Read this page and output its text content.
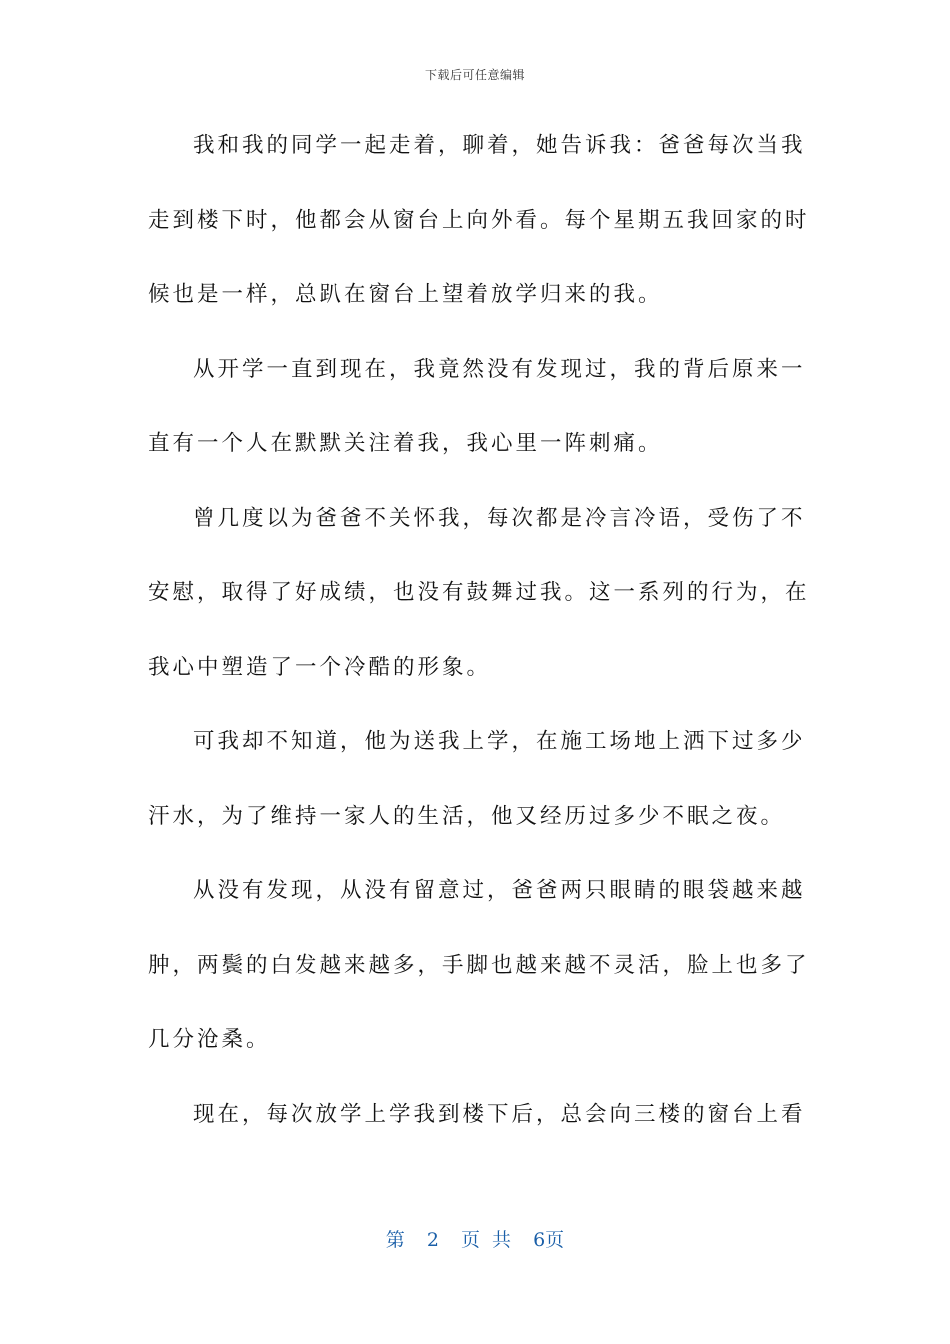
下载后可任意编辑
我和我的同学一起走着，聊着，她告诉我：爸爸每次当我
走到楼下时，他都会从窗台上向外看。每个星期五我回家的时
候也是一样，总趴在窗台上望着放学归来的我。
从开学一直到现在，我竟然没有发现过，我的背后原来一
直有一个人在默默关注着我，我心里一阵刺痛。
曾几度以为爸爸不关怀我，每次都是冷言冷语，受伤了不
安慰，取得了好成绩，也没有鼓舞过我。这一系列的行为，在
我心中塑造了一个冷酷的形象。
可我却不知道，他为送我上学，在施工场地上洒下过多少
汗水，为了维持一家人的生活，他又经历过多少不眠之夜。
从没有发现，从没有留意过，爸爸两只眼睛的眼袋越来越
肿，两鬓的白发越来越多，手脚也越来越不灵活，脸上也多了
几分沧桑。
现在，每次放学上学我到楼下后，总会向三楼的窗台上看
第 2 页 共 6页
